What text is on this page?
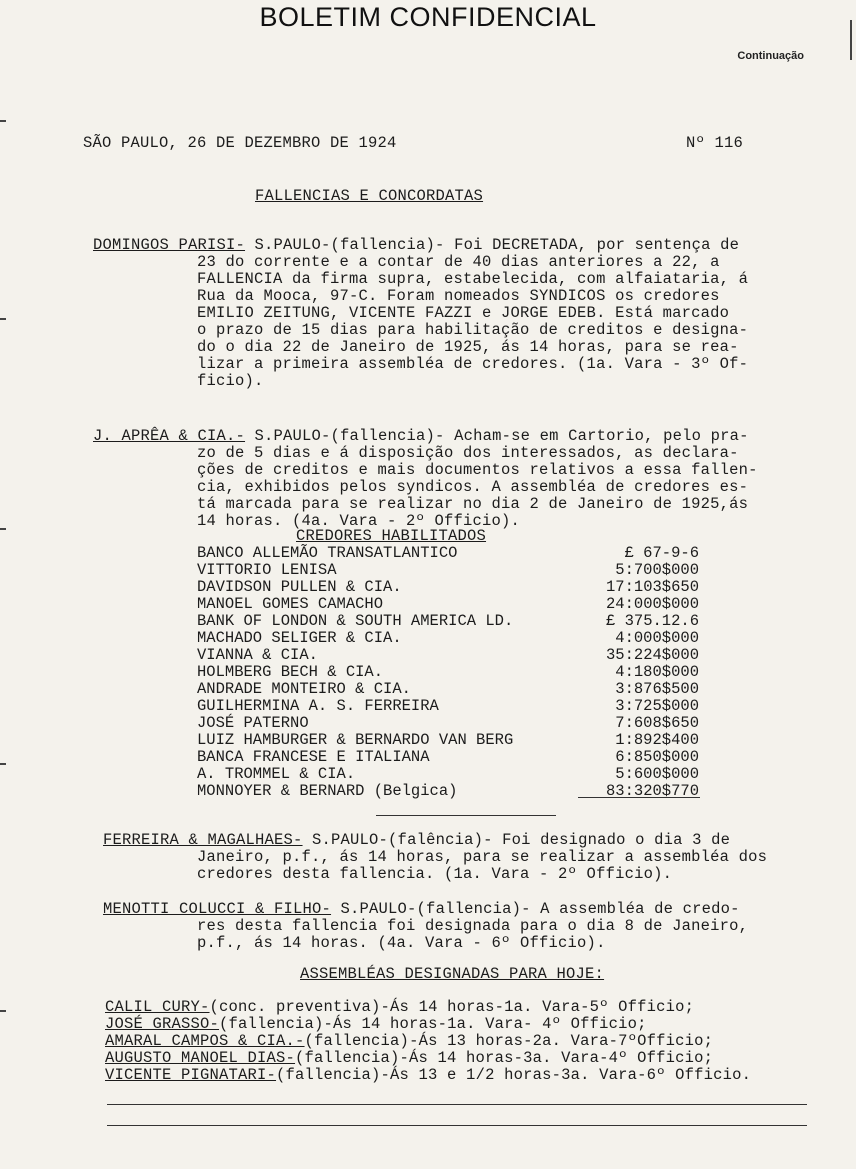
BOLETIM CONFIDENCIAL
Continuação
SÃO PAULO, 26 DE DEZEMBRO DE 1924	Nº 116
FALLENCIAS E CONCORDATAS
DOMINGOS PARISI- S.PAULO-(fallencia)- Foi DECRETADA, por sentença de
23 do corrente e a contar de 40 dias anteriores a 22, a
FALLENCIA da firma supra, estabelecida, com alfaiataria, á
Rua da Mooca, 97-C. Foram nomeados SYNDICOS os credores
EMILIO ZEITUNG, VICENTE FAZZI e JORGE EDEB. Está marcado
o prazo de 15 dias para habilitação de creditos e designa-
do o dia 22 de Janeiro de 1925, ás 14 horas, para se rea-
lizar a primeira assembléa de credores. (1a. Vara - 3º Of-
ficio).
J. APRÊA & CIA.- S.PAULO-(fallencia)- Acham-se em Cartorio, pelo pra-
zo de 5 dias e á disposição dos interessados, as declara-
ções de creditos e mais documentos relativos a essa fallen-
cia, exhibidos pelos syndicos. A assembléa de credores es-
tá marcada para se realizar no dia 2 de Janeiro de 1925,ás
14 horas. (4a. Vara - 2º Officio).
CREDORES HABILITADOS
BANCO ALLEMÃO TRANSATLANTICO	£ 67-9-6
VITTORIO LENISA	5:700$000
DAVIDSON PULLEN & CIA.	17:103$650
MANOEL GOMES CAMACHO	24:000$000
BANK OF LONDON & SOUTH AMERICA LD.	£ 375.12.6
MACHADO SELIGER & CIA.	4:000$000
VIANNA & CIA.	35:224$000
HOLMBERG BECH & CIA.	4:180$000
ANDRADE MONTEIRO & CIA.	3:876$500
GUILHERMINA A. S. FERREIRA	3:725$000
JOSÉ PATERNO	7:608$650
LUIZ HAMBURGER & BERNARDO VAN BERG	1:892$400
BANCA FRANCESE E ITALIANA	6:850$000
A. TROMMEL & CIA.	5:600$000
MONNOYER & BERNARD (Belgica)	83:320$770
FERREIRA & MAGALHAES- S.PAULO-(falência)- Foi designado o dia 3 de
Janeiro, p.f., ás 14 horas, para se realizar a assembléa dos
credores desta fallencia. (1a. Vara - 2º Officio).
MENOTTI COLUCCI & FILHO- S.PAULO-(fallencia)- A assembléa de credo-
res desta fallencia foi designada para o dia 8 de Janeiro,
p.f., ás 14 horas. (4a. Vara - 6º Officio).
ASSEMBLÉAS DESIGNADAS PARA HOJE:
CALIL CURY-(conc. preventiva)-Ás 14 horas-1a. Vara-5º Officio;
JOSÉ GRASSO-(fallencia)-Ás 14 horas-1a. Vara- 4º Officio;
AMARAL CAMPOS & CIA.-(fallencia)-Ás 13 horas-2a. Vara-7ºOfficio;
AUGUSTO MANOEL DIAS-(fallencia)-Ás 14 horas-3a. Vara-4º Officio;
VICENTE PIGNATARI-(fallencia)-Ás 13 e 1/2 horas-3a. Vara-6º Officio.
